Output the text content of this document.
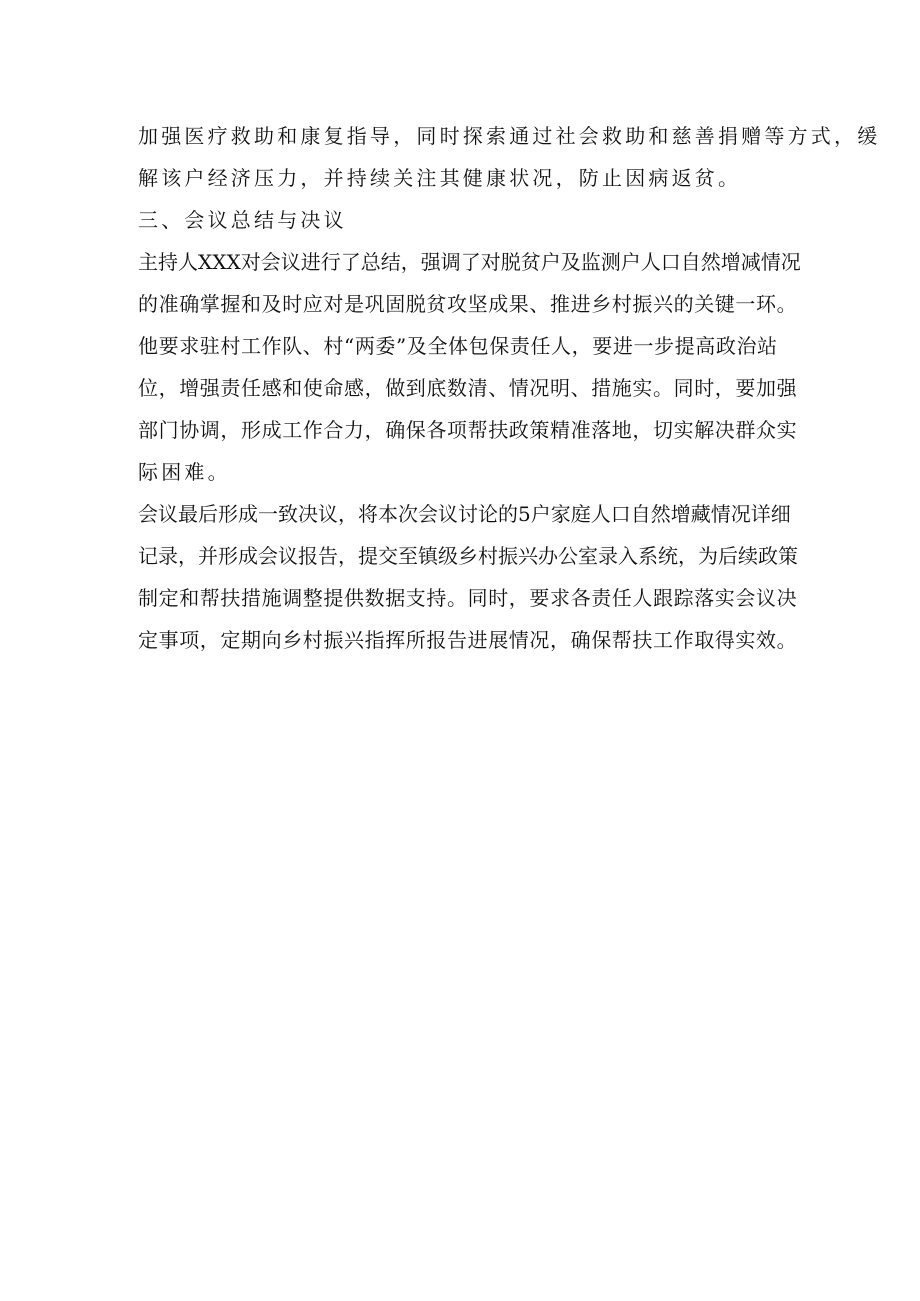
加强医疗救助和康复指导，同时探索通过社会救助和慈善捐赠等方式，缓
解该户经济压力，并持续关注其健康状况，防止因病返贫。
三、会议总结与决议
主持人XXX对会议进行了总结，强调了对脱贫户及监测户人口自然增减情况
的准确掌握和及时应对是巩固脱贫攻坚成果、推进乡村振兴的关键一环。
他要求驻村工作队、村“两委”及全体包保责任人，要进一步提高政治站
位，增强责任感和使命感，做到底数清、情况明、措施实。同时，要加强
部门协调，形成工作合力，确保各项帮扶政策精准落地，切实解决群众实
际困难。
会议最后形成一致决议，将本次会议讨论的5户家庭人口自然增藏情况详细
记录，并形成会议报告，提交至镇级乡村振兴办公室录入系统，为后续政策
制定和帮扶措施调整提供数据支持。同时，要求各责任人跟踪落实会议决
定事项，定期向乡村振兴指挥所报告进展情况，确保帮扶工作取得实效。
